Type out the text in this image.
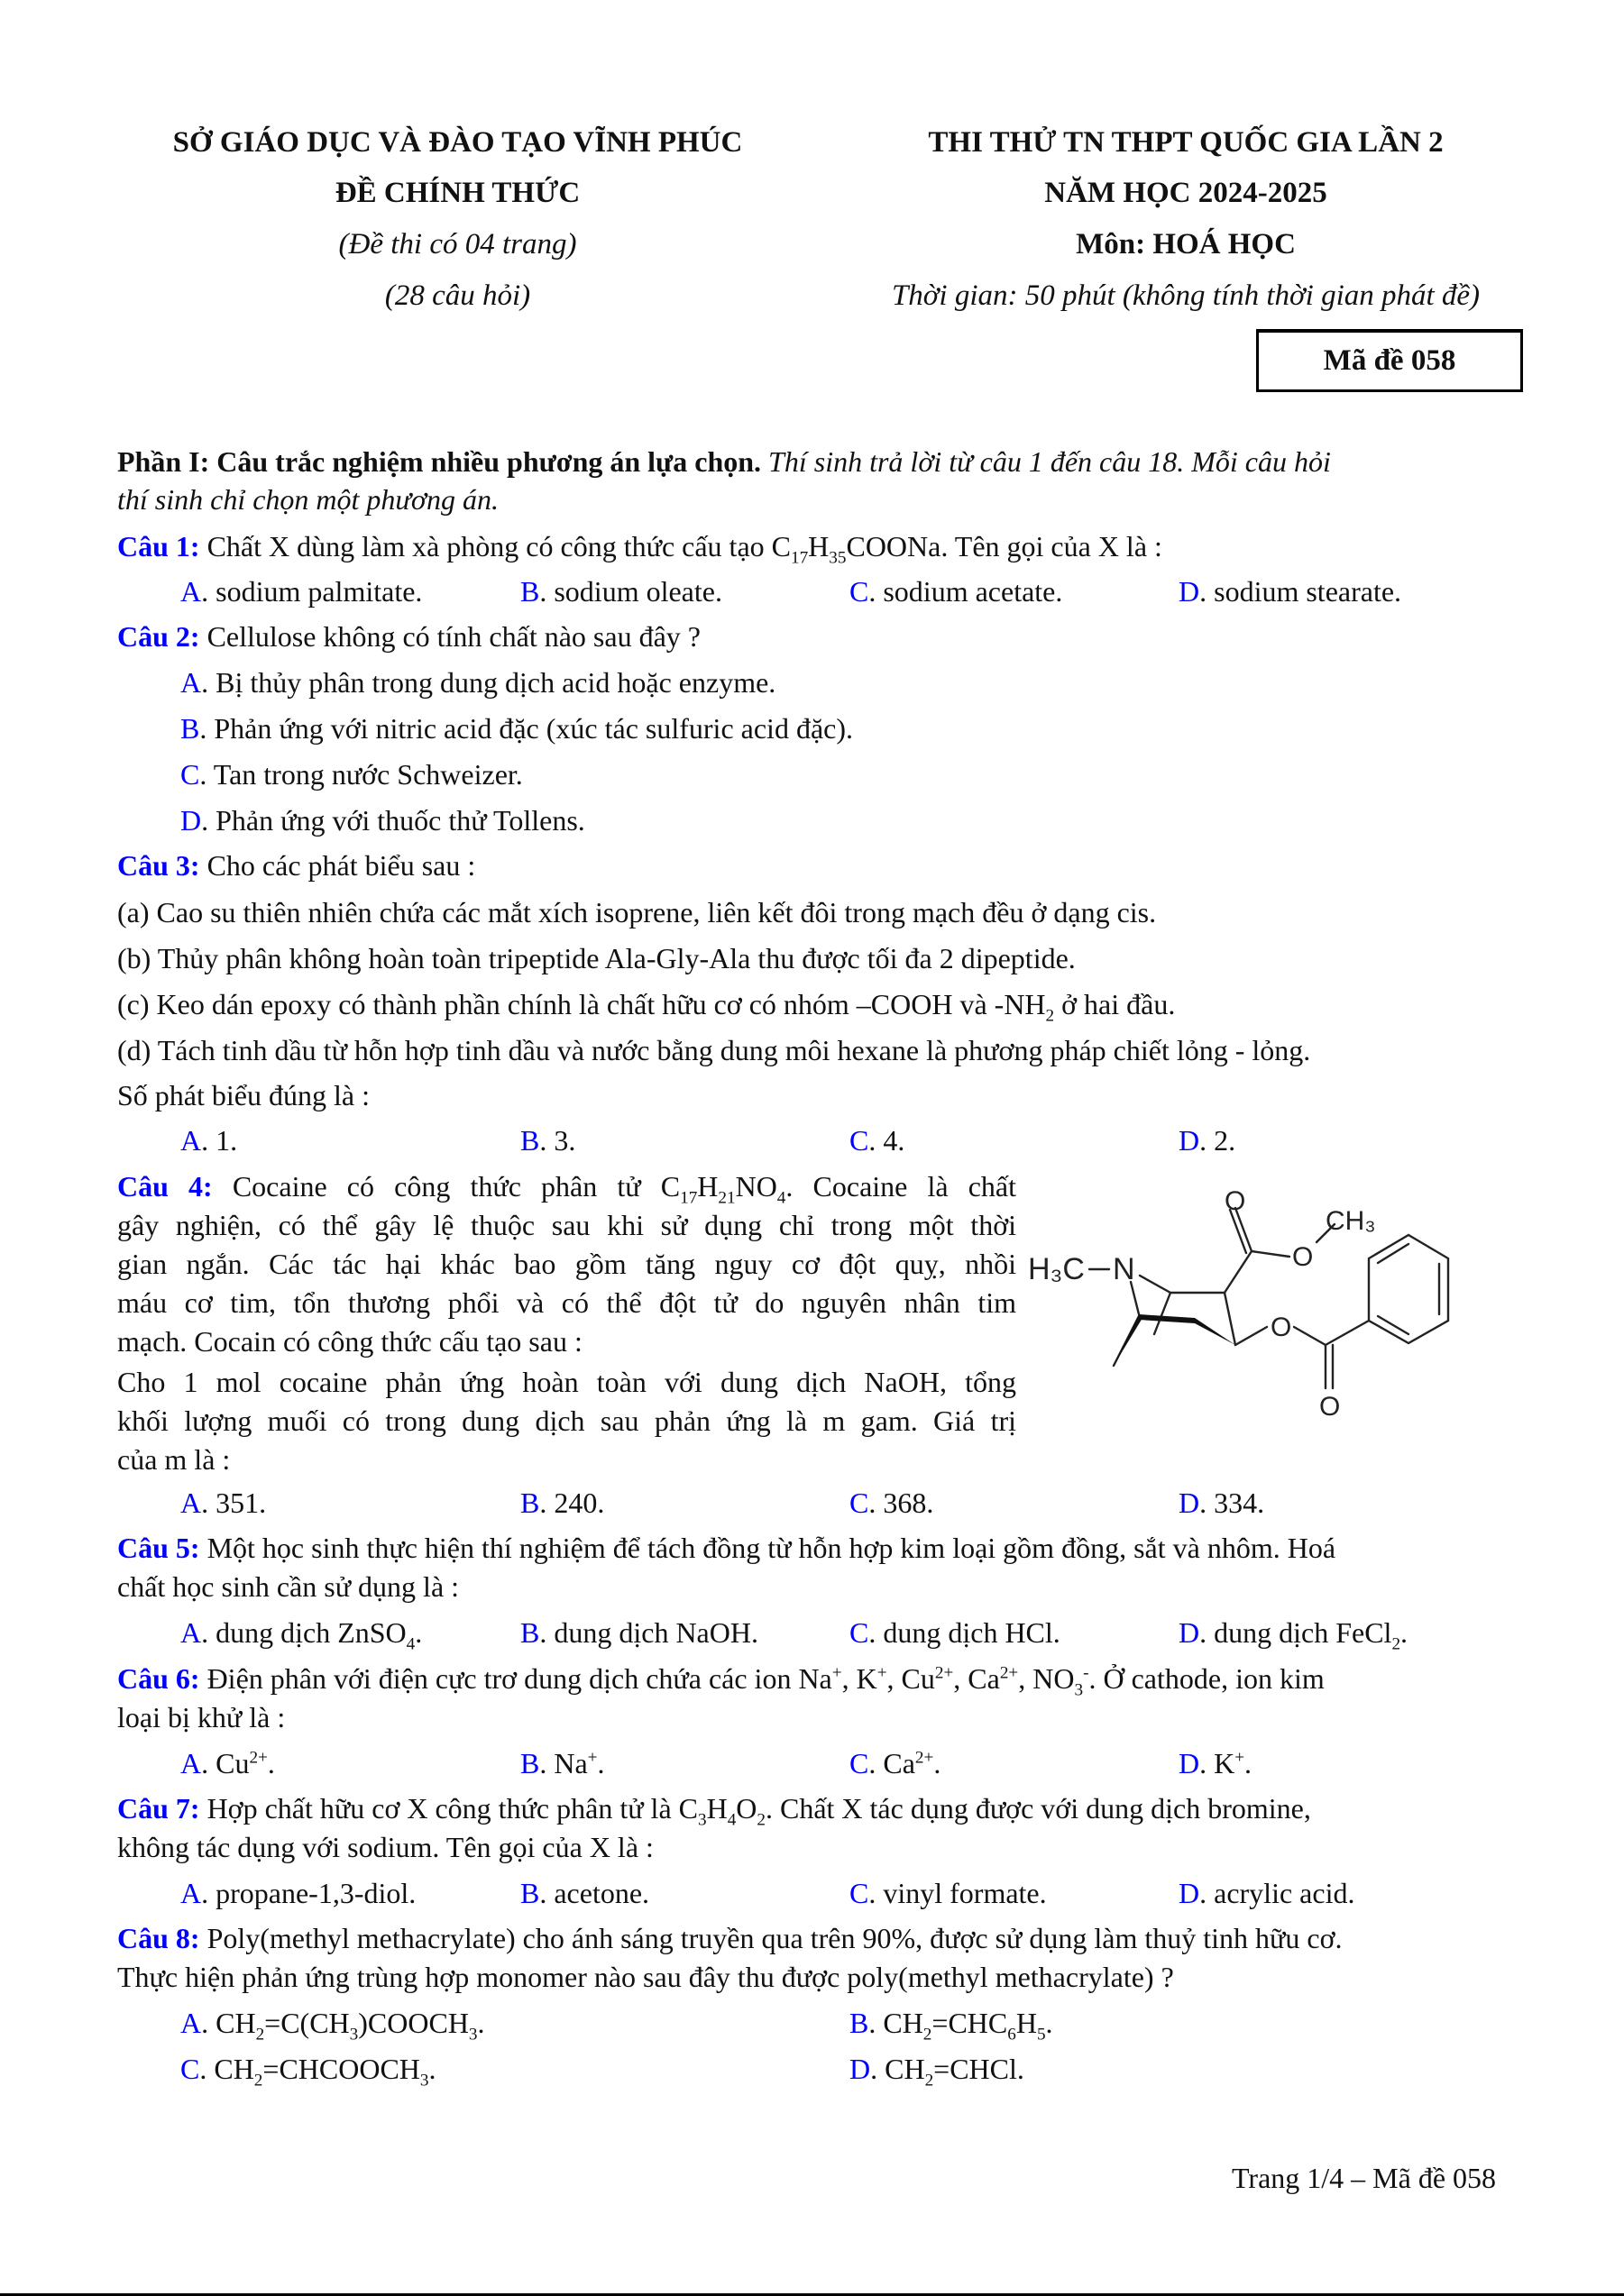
SỞ GIÁO DỤC VÀ ĐÀO TẠO VĨNH PHÚC
ĐỀ CHÍNH THỨC
(Đề thi có 04 trang)
(28 câu hỏi)
THI THỬ TN THPT QUỐC GIA LẦN 2
NĂM HỌC 2024-2025
Môn: HOÁ HỌC
Thời gian: 50 phút (không tính thời gian phát đề)
Mã đề 058
Phần I: Câu trắc nghiệm nhiều phương án lựa chọn. Thí sinh trả lời từ câu 1 đến câu 18. Mỗi câu hỏi
thí sinh chỉ chọn một phương án.
Câu 1: Chất X dùng làm xà phòng có công thức cấu tạo $C_{17}H_{35}COONa$. Tên gọi của X là :
A. sodium palmitate.	B. sodium oleate.	C. sodium acetate.	D. sodium stearate.
Câu 2: Cellulose không có tính chất nào sau đây ?
A. Bị thủy phân trong dung dịch acid hoặc enzyme.
B. Phản ứng với nitric acid đặc (xúc tác sulfuric acid đặc).
C. Tan trong nước Schweizer.
D. Phản ứng với thuốc thử Tollens.
Câu 3: Cho các phát biểu sau :
(a) Cao su thiên nhiên chứa các mắt xích isoprene, liên kết đôi trong mạch đều ở dạng cis.
(b) Thủy phân không hoàn toàn tripeptide Ala-Gly-Ala thu được tối đa 2 dipeptide.
(c) Keo dán epoxy có thành phần chính là chất hữu cơ có nhóm –COOH và $-NH_2$ ở hai đầu.
(d) Tách tinh dầu từ hỗn hợp tinh dầu và nước bằng dung môi hexane là phương pháp chiết lỏng - lỏng.
Số phát biểu đúng là :
A. 1.	B. 3.	C. 4.	D. 2.
Câu 4: Cocaine có công thức phân tử $C_{17}H_{21}NO_4$. Cocaine là chất
gây nghiện, có thể gây lệ thuộc sau khi sử dụng chỉ trong một thời
gian ngắn. Các tác hại khác bao gồm tăng nguy cơ đột quỵ, nhồi
máu cơ tim, tổn thương phổi và có thể đột tử do nguyên nhân tim
mạch. Cocain có công thức cấu tạo sau :
Cho 1 mol cocaine phản ứng hoàn toàn với dung dịch NaOH, tổng
khối lượng muối có trong dung dịch sau phản ứng là m gam. Giá trị
của m là :
H₃C N
O
O
CH₃
O
O
A. 351.	B. 240.	C. 368.	D. 334.
Câu 5: Một học sinh thực hiện thí nghiệm để tách đồng từ hỗn hợp kim loại gồm đồng, sắt và nhôm. Hoá
chất học sinh cần sử dụng là :
A. dung dịch ZnSO$_4$.	B. dung dịch NaOH.	C. dung dịch HCl.	D. dung dịch FeCl$_2$.
Câu 6: Điện phân với điện cực trơ dung dịch chứa các ion Na+, K+, $Cu^{2+}$, $Ca^{2+}$, $NO_3^-$. Ở cathode, ion kim
loại bị khử là :
A. $Cu^{2+}$.	B. Na+.	C. $Ca^{2+}$.	D. K+.
Câu 7: Hợp chất hữu cơ X công thức phân tử là $C_3H_4O_2$. Chất X tác dụng được với dung dịch bromine,
không tác dụng với sodium. Tên gọi của X là :
A. propane-1,3-diol.	B. acetone.	C. vinyl formate.	D. acrylic acid.
Câu 8: Poly(methyl methacrylate) cho ánh sáng truyền qua trên 90%, được sử dụng làm thuỷ tinh hữu cơ.
Thực hiện phản ứng trùng hợp monomer nào sau đây thu được poly(methyl methacrylate) ?
A. $CH_2=C(CH_3)COOCH_3$.	B. $CH_2=CHC_6H_5$.
C. $CH_2=CHCOOCH_3$.	D. $CH_2=CHCl$.
Trang 1/4 – Mã đề 058
